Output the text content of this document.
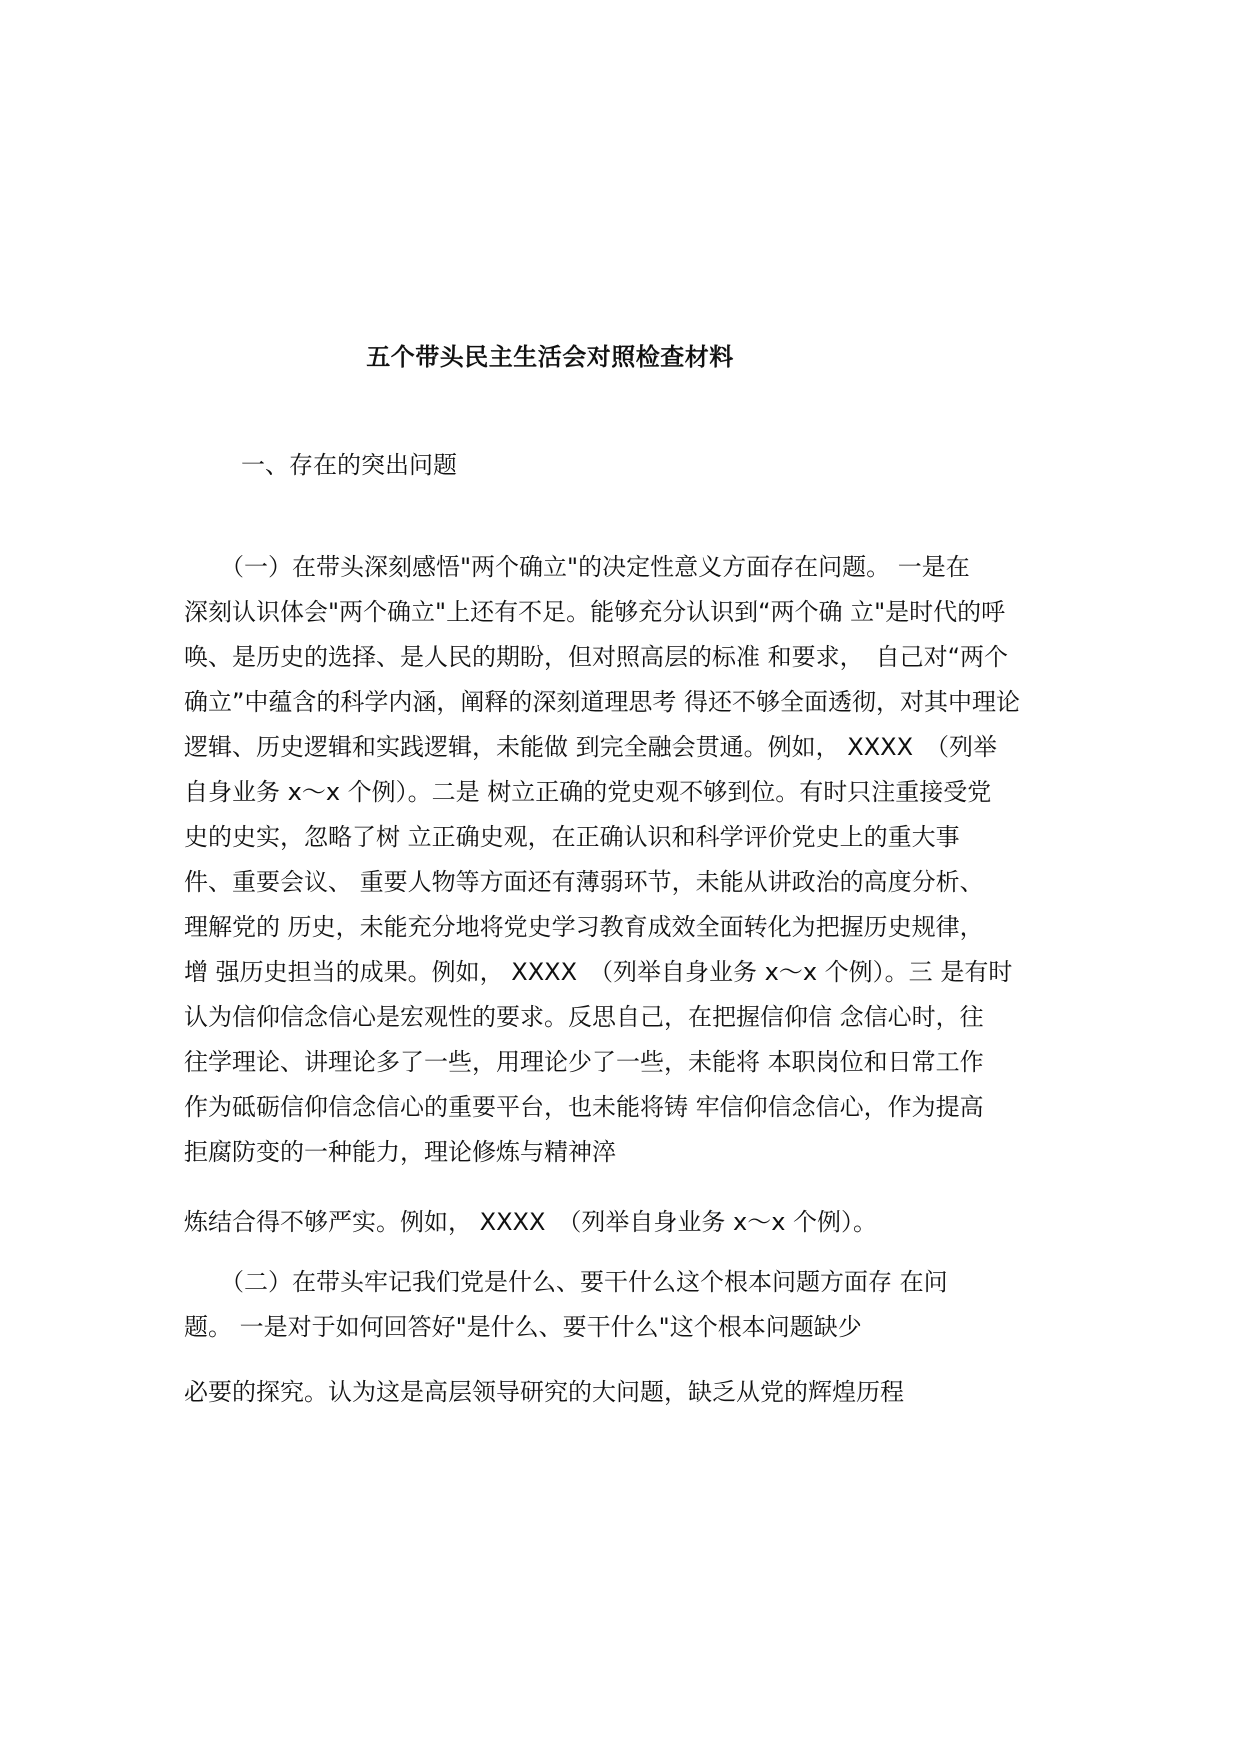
五个带头民主生活会对照检查材料
一、存在的突出问题
　　（一）在带头深刻感悟"两个确立"的决定性意义方面存在问题。 一是在
深刻认识体会"两个确立"上还有不足。能够充分认识到“两个确 立"是时代的呼
唤、是历史的选择、是人民的期盼，但对照高层的标准 和要求，　自己对“两个
确立”中蕴含的科学内涵，阐释的深刻道理思考 得还不够全面透彻，对其中理论
逻辑、历史逻辑和实践逻辑，未能做 到完全融会贯通。例如， XXXX　（列举
自身业务 x～x 个例）。二是 树立正确的党史观不够到位。有时只注重接受党
史的史实，忽略了树 立正确史观，在正确认识和科学评价党史上的重大事
件、重要会议、 重要人物等方面还有薄弱环节，未能从讲政治的高度分析、
理解党的 历史，未能充分地将党史学习教育成效全面转化为把握历史规律，
增 强历史担当的成果。例如， XXXX　（列举自身业务 x～x 个例）。三 是有时
认为信仰信念信心是宏观性的要求。反思自己，在把握信仰信 念信心时，往
往学理论、讲理论多了一些，用理论少了一些，未能将 本职岗位和日常工作
作为砥砺信仰信念信心的重要平台，也未能将铸 牢信仰信念信心，作为提高
拒腐防变的一种能力，理论修炼与精神淬
炼结合得不够严实。例如， XXXX　（列举自身业务 x～x 个例）。
　　（二）在带头牢记我们党是什么、要干什么这个根本问题方面存 在问
题。 一是对于如何回答好"是什么、要干什么"这个根本问题缺少
必要的探究。认为这是高层领导研究的大问题，缺乏从党的辉煌历程
